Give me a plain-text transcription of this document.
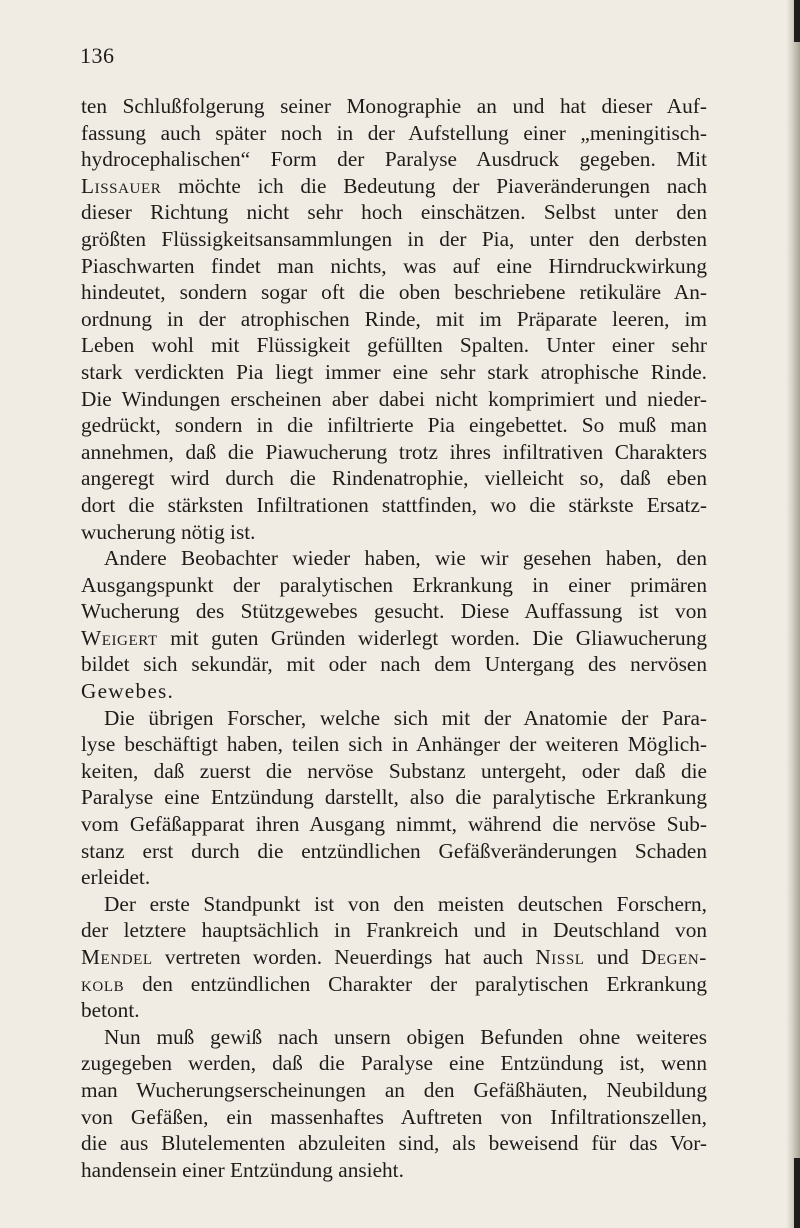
136
ten Schlußfolgerung seiner Monographie an und hat dieser Auf-
fassung auch später noch in der Aufstellung einer „meningitisch-
hydrocephalischen“ Form der Paralyse Ausdruck gegeben. Mit
Lissauer möchte ich die Bedeutung der Piaveränderungen nach
dieser Richtung nicht sehr hoch einschätzen. Selbst unter den
größten Flüssigkeitsansammlungen in der Pia, unter den derbsten
Piaschwarten findet man nichts, was auf eine Hirndruckwirkung
hindeutet, sondern sogar oft die oben beschriebene retikuläre An-
ordnung in der atrophischen Rinde, mit im Präparate leeren, im
Leben wohl mit Flüssigkeit gefüllten Spalten. Unter einer sehr
stark verdickten Pia liegt immer eine sehr stark atrophische Rinde.
Die Windungen erscheinen aber dabei nicht komprimiert und nieder-
gedrückt, sondern in die infiltrierte Pia eingebettet. So muß man
annehmen, daß die Piawucherung trotz ihres infiltrativen Charakters
angeregt wird durch die Rindenatrophie, vielleicht so, daß eben
dort die stärksten Infiltrationen stattfinden, wo die stärkste Ersatz-
wucherung nötig ist.
Andere Beobachter wieder haben, wie wir gesehen haben, den
Ausgangspunkt der paralytischen Erkrankung in einer primären
Wucherung des Stützgewebes gesucht. Diese Auffassung ist von
Weigert mit guten Gründen widerlegt worden. Die Gliawucherung
bildet sich sekundär, mit oder nach dem Untergang des nervösen
Gewebes.
Die übrigen Forscher, welche sich mit der Anatomie der Para-
lyse beschäftigt haben, teilen sich in Anhänger der weiteren Möglich-
keiten, daß zuerst die nervöse Substanz untergeht, oder daß die
Paralyse eine Entzündung darstellt, also die paralytische Erkrankung
vom Gefäßapparat ihren Ausgang nimmt, während die nervöse Sub-
stanz erst durch die entzündlichen Gefäßveränderungen Schaden
erleidet.
Der erste Standpunkt ist von den meisten deutschen Forschern,
der letztere hauptsächlich in Frankreich und in Deutschland von
Mendel vertreten worden. Neuerdings hat auch Nissl und Degen-
kolb den entzündlichen Charakter der paralytischen Erkrankung
betont.
Nun muß gewiß nach unsern obigen Befunden ohne weiteres
zugegeben werden, daß die Paralyse eine Entzündung ist, wenn
man Wucherungserscheinungen an den Gefäßhäuten, Neubildung
von Gefäßen, ein massenhaftes Auftreten von Infiltrationszellen,
die aus Blutelementen abzuleiten sind, als beweisend für das Vor-
handensein einer Entzündung ansieht.
